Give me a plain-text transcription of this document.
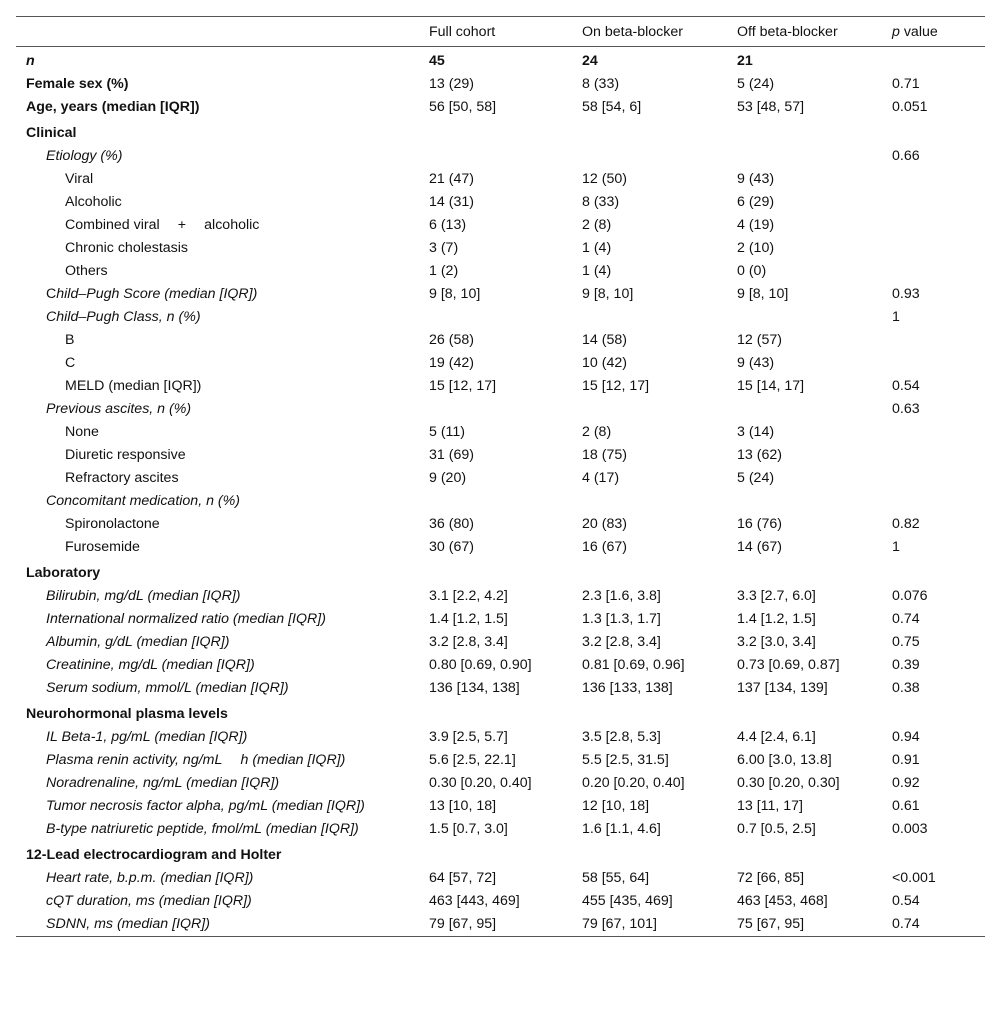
	Full cohort	On beta-blocker	Off beta-blocker	p value
n	45	24	21	
Female sex (%)	13 (29)	8 (33)	5 (24)	0.71
Age, years (median [IQR])	56 [50, 58]	58 [54, 6]	53 [48, 57]	0.051
Clinical				
Etiology (%)				0.66
Viral	21 (47)	12 (50)	9 (43)	
Alcoholic	14 (31)	8 (33)	6 (29)	
Combined viral  +  alcoholic	6 (13)	2 (8)	4 (19)	
Chronic cholestasis	3 (7)	1 (4)	2 (10)	
Others	1 (2)	1 (4)	0 (0)	
Child–Pugh Score (median [IQR])	9 [8, 10]	9 [8, 10]	9 [8, 10]	0.93
Child–Pugh Class, n (%)				1
B	26 (58)	14 (58)	12 (57)	
C	19 (42)	10 (42)	9 (43)	
MELD (median [IQR])	15 [12, 17]	15 [12, 17]	15 [14, 17]	0.54
Previous ascites, n (%)				0.63
None	5 (11)	2 (8)	3 (14)	
Diuretic responsive	31 (69)	18 (75)	13 (62)	
Refractory ascites	9 (20)	4 (17)	5 (24)	
Concomitant medication, n (%)				
Spironolactone	36 (80)	20 (83)	16 (76)	0.82
Furosemide	30 (67)	16 (67)	14 (67)	1
Laboratory				
Bilirubin, mg/dL (median [IQR])	3.1 [2.2, 4.2]	2.3 [1.6, 3.8]	3.3 [2.7, 6.0]	0.076
International normalized ratio (median [IQR])	1.4 [1.2, 1.5]	1.3 [1.3, 1.7]	1.4 [1.2, 1.5]	0.74
Albumin, g/dL (median [IQR])	3.2 [2.8, 3.4]	3.2 [2.8, 3.4]	3.2 [3.0, 3.4]	0.75
Creatinine, mg/dL (median [IQR])	0.80 [0.69, 0.90]	0.81 [0.69, 0.96]	0.73 [0.69, 0.87]	0.39
Serum sodium, mmol/L (median [IQR])	136 [134, 138]	136 [133, 138]	137 [134, 139]	0.38
Neurohormonal plasma levels				
IL Beta-1, pg/mL (median [IQR])	3.9 [2.5, 5.7]	3.5 [2.8, 5.3]	4.4 [2.4, 6.1]	0.94
Plasma renin activity, ng/mL  h (median [IQR])	5.6 [2.5, 22.1]	5.5 [2.5, 31.5]	6.00 [3.0, 13.8]	0.91
Noradrenaline, ng/mL (median [IQR])	0.30 [0.20, 0.40]	0.20 [0.20, 0.40]	0.30 [0.20, 0.30]	0.92
Tumor necrosis factor alpha, pg/mL (median [IQR])	13 [10, 18]	12 [10, 18]	13 [11, 17]	0.61
B-type natriuretic peptide, fmol/mL (median [IQR])	1.5 [0.7, 3.0]	1.6 [1.1, 4.6]	0.7 [0.5, 2.5]	0.003
12-Lead electrocardiogram and Holter				
Heart rate, b.p.m. (median [IQR])	64 [57, 72]	58 [55, 64]	72 [66, 85]	<0.001
cQT duration, ms (median [IQR])	463 [443, 469]	455 [435, 469]	463 [453, 468]	0.54
SDNN, ms (median [IQR])	79 [67, 95]	79 [67, 101]	75 [67, 95]	0.74
